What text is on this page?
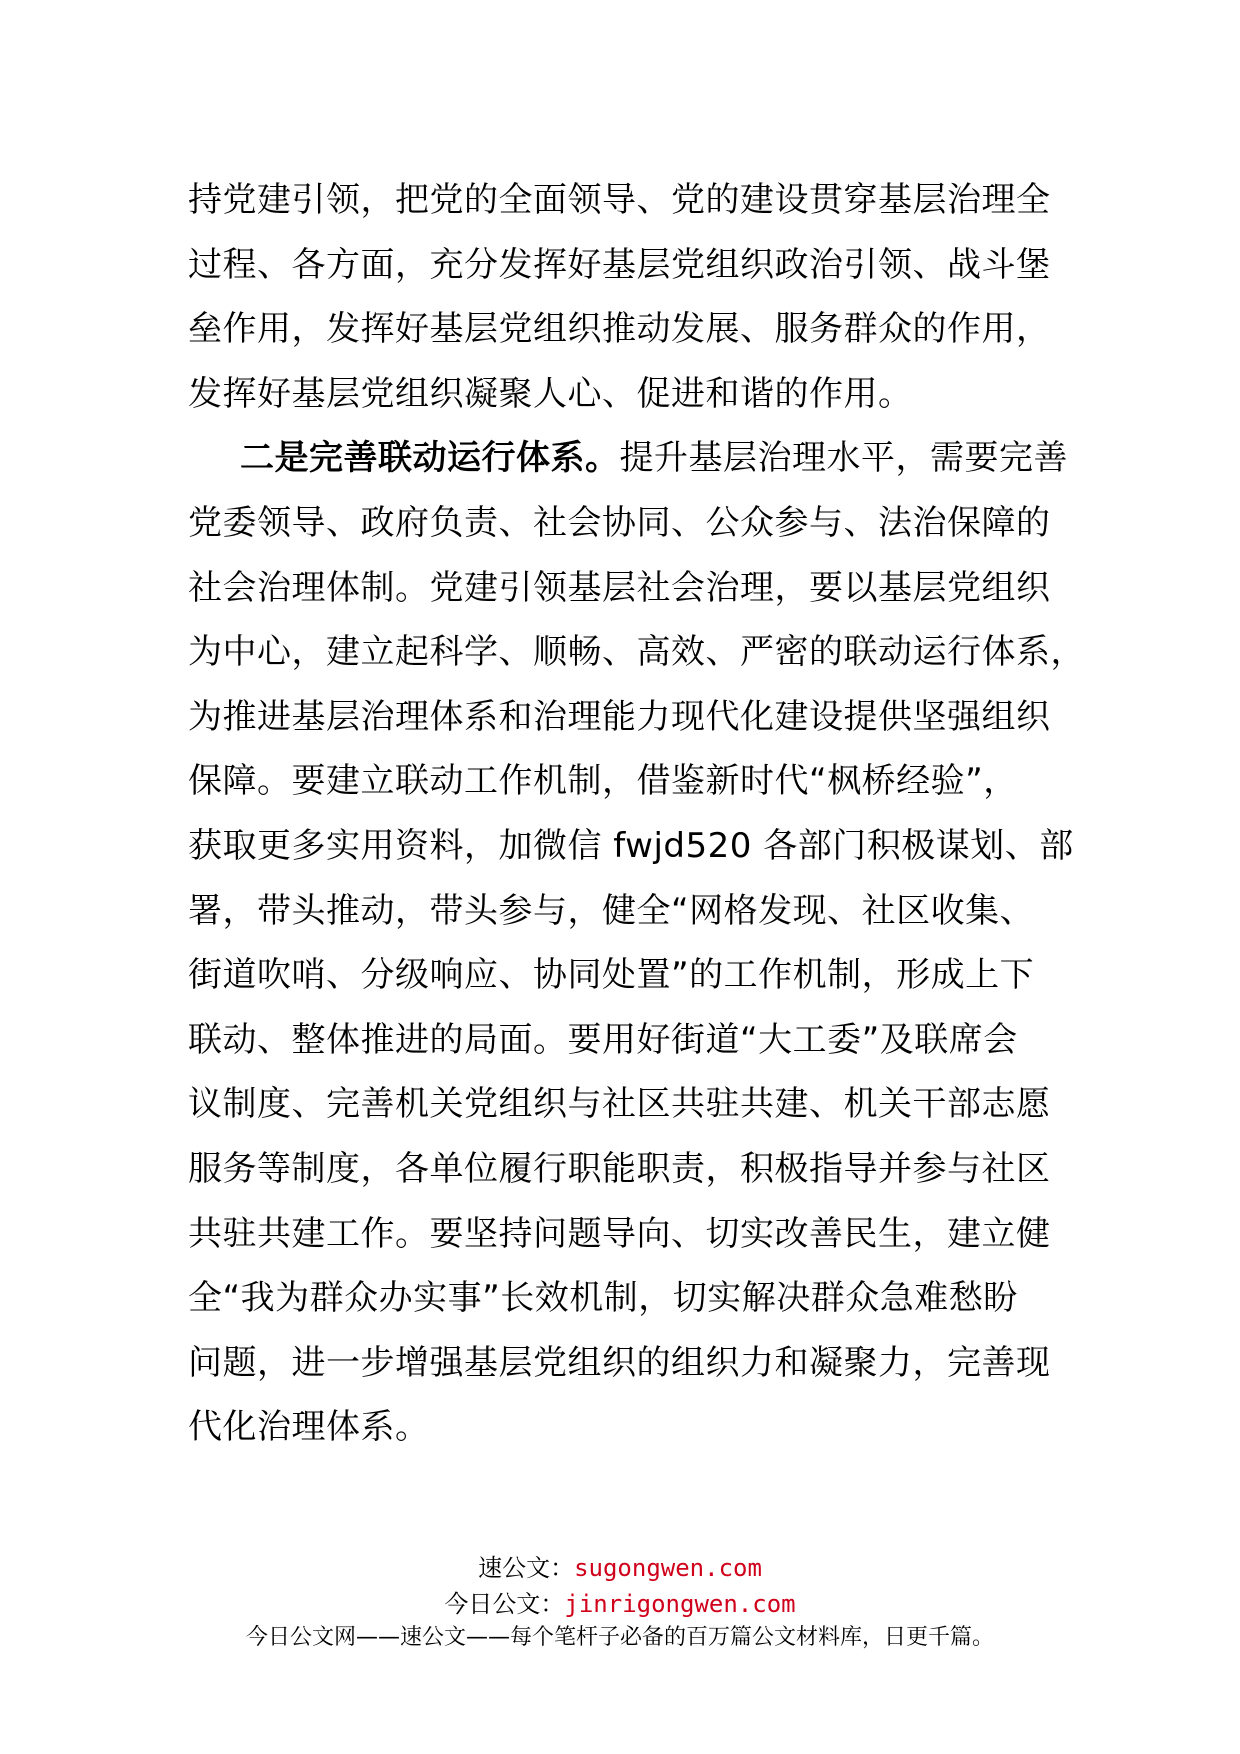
持党建引领，把党的全面领导、党的建设贯穿基层治理全
过程、各方面，充分发挥好基层党组织政治引领、战斗堡
垒作用，发挥好基层党组织推动发展、服务群众的作用，
发挥好基层党组织凝聚人心、促进和谐的作用。
二是完善联动运行体系。提升基层治理水平，需要完善
党委领导、政府负责、社会协同、公众参与、法治保障的
社会治理体制。党建引领基层社会治理，要以基层党组织
为中心，建立起科学、顺畅、高效、严密的联动运行体系，
为推进基层治理体系和治理能力现代化建设提供坚强组织
保障。要建立联动工作机制，借鉴新时代“枫桥经验”，
获取更多实用资料，加微信 fwjd520 各部门积极谋划、部
署，带头推动，带头参与，健全“网格发现、社区收集、
街道吹哨、分级响应、协同处置”的工作机制，形成上下
联动、整体推进的局面。要用好街道“大工委”及联席会
议制度、完善机关党组织与社区共驻共建、机关干部志愿
服务等制度，各单位履行职能职责，积极指导并参与社区
共驻共建工作。要坚持问题导向、切实改善民生，建立健
全“我为群众办实事”长效机制，切实解决群众急难愁盼
问题，进一步增强基层党组织的组织力和凝聚力，完善现
代化治理体系。
速公文：sugongwen.com
今日公文：jinrigongwen.com
今日公文网——速公文——每个笔杆子必备的百万篇公文材料库，日更千篇。
